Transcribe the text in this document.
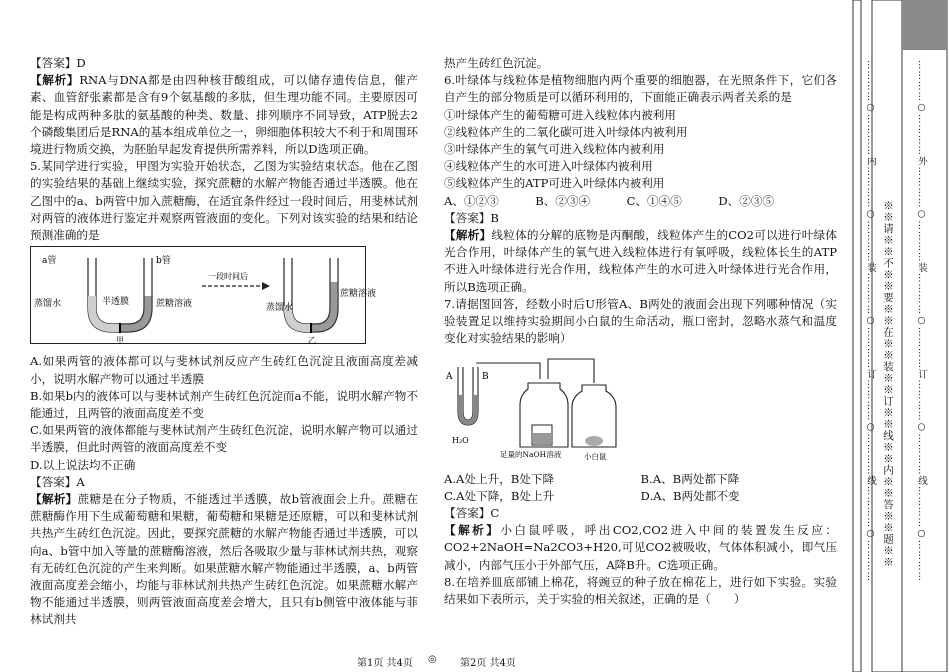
【答案】D

【解析】RNA与DNA都是由四种核苷酸组成，可以储存遗传信息，催产素、血管舒张素都是含有9个氨基酸的多肽，但生理功能不同。主要原因可能是构成两种多肽的氨基酸的种类、数量、排列顺序不同导致，ATP脱去2个磷酸集团后是RNA的基本组成单位之一，卵细胞体积较大不利于和周围环境进行物质交换，为胚胎早起发育提供所需养料，所以D选项正确。

5.某同学进行实验，甲图为实验开始状态，乙图为实验结束状态。他在乙图的实验结果的基础上继续实验，探究蔗糖的水解产物能否通过半透膜。他在乙图中的a、b两管中加入蔗糖酶，在适宜条件经过一段时间后，用斐林试剂对两管的液体进行鉴定并观察两管液面的变化。下列对该实验的结果和结论预测准确的是

a管	b管
蒸馏水	半透膜	蔗糖溶液
甲
一段时间后
蒸馏水
蔗糖溶液
乙

A.如果两管的液体都可以与斐林试剂反应产生砖红色沉淀且液面高度差减小，说明水解产物可以通过半透膜

B.如果b内的液体可以与斐林试剂产生砖红色沉淀而a不能，说明水解产物不能通过，且两管的液面高度差不变

C.如果两管的液体都能与斐林试剂产生砖红色沉淀，说明水解产物可以通过半透膜，但此时两管的液面高度差不变

D.以上说法均不正确

【答案】A

【解析】蔗糖是在分子物质，不能透过半透膜，故b管液面会上升。蔗糖在蔗糖酶作用下生成葡萄糖和果糖，葡萄糖和果糖是还原糖，可以和斐林试剂共热产生砖红色沉淀。因此，要探究蔗糖的水解产物能否通过半透膜，可以向a、b管中加入等量的蔗糖酶溶液，然后各吸取少量与菲林试剂共热，观察有无砖红色沉淀的产生来判断。如果蔗糖水解产物能通过半透膜，a、b两管液面高度差会缩小，均能与菲林试剂共热产生砖红色沉淀。如果蔗糖水解产物不能通过半透膜，则两管液面高度差会增大，且只有b侧管中液体能与菲林试剂共

热产生砖红色沉淀。

6.叶绿体与线粒体是植物细胞内两个重要的细胞器，在光照条件下，它们各自产生的部分物质是可以循环利用的，下面能正确表示两者关系的是

①叶绿体产生的葡萄糖可进入线粒体内被利用

②线粒体产生的二氧化碳可进入叶绿体内被利用

③叶绿体产生的氧气可进入线粒体内被利用

④线粒体产生的水可进入叶绿体内被利用

⑤线粒体产生的ATP可进入叶绿体内被利用

A、①②③	B、②③④	C、①④⑤	D、②③⑤

【答案】B

【解析】线粒体的分解的底物是丙酮酸，线粒体产生的CO2可以进行叶绿体光合作用，叶绿体产生的氧气进入线粒体进行有氧呼吸，线粒体长生的ATP不进入叶绿体进行光合作用，线粒体产生的水可进入叶绿体进行光合作用，所以B选项正确。

7.请据图回答，经数小时后U形管A、B两处的液面会出现下列哪种情况（实验装置足以维持实验期间小白鼠的生命活动，瓶口密封，忽略水蒸气和温度变化对实验结果的影响）

A	B
H₂O
足量的NaOH溶液	小白鼠
A.A处上升，B处下降	B.A、B两处都下降
C.A处下降，B处上升	D.A、B两处都不变

【答案】C

【解析】小白鼠呼吸，呼出CO2,CO2进入中间的装置发生反应：CO2+2NaOH=Na2CO3+H20,可见CO2被吸收，气体体积减小，即气压减小，内部气压小于外部气压，A降B升。C选项正确。

8.在培养皿底部铺上棉花，将豌豆的种子放在棉花上，进行如下实验。实验结果如下表所示，关于实验的相关叙述，正确的是（　　）

第1页 共4页 ◎ 第2页 共4页
※※请※※不※※要※※在※※装※※订※※线※※内※※答※※题※※
…………○…………内…………○…………装…………○…………订…………○…………线…………○…………	…………○…………外…………○…………装…………○…………订…………○…………线…………○…………
